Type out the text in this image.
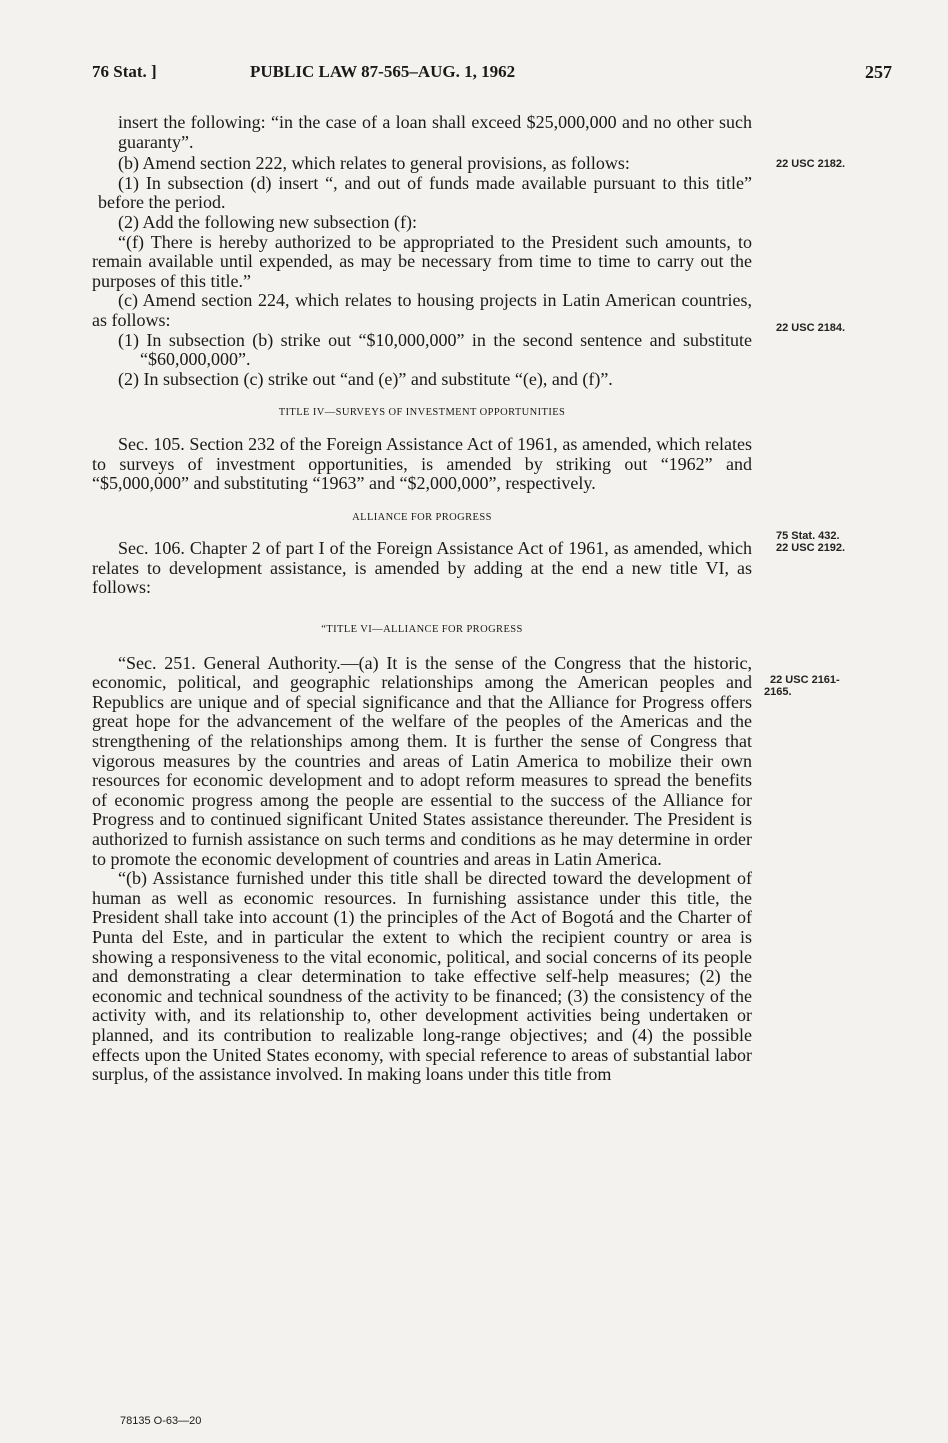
76 Stat. ]	PUBLIC LAW 87-565–AUG. 1, 1962	257

insert the following: “in the case of a loan shall exceed $25,000,000 and no other such guaranty”.

(b) Amend section 222, which relates to general provisions, as follows:

(1) In subsection (d) insert “, and out of funds made available pursuant to this title” before the period.

(2) Add the following new subsection (f):

“(f) There is hereby authorized to be appropriated to the President such amounts, to remain available until expended, as may be necessary from time to time to carry out the purposes of this title.”

(c) Amend section 224, which relates to housing projects in Latin American countries, as follows:

(1) In subsection (b) strike out “$10,000,000” in the second sentence and substitute “$60,000,000”.

(2) In subsection (c) strike out “and (e)” and substitute “(e), and (f)”.

TITLE IV—SURVEYS OF INVESTMENT OPPORTUNITIES

Sec. 105. Section 232 of the Foreign Assistance Act of 1961, as amended, which relates to surveys of investment opportunities, is amended by striking out “1962” and “$5,000,000” and substituting “1963” and “$2,000,000”, respectively.

ALLIANCE FOR PROGRESS

Sec. 106. Chapter 2 of part I of the Foreign Assistance Act of 1961, as amended, which relates to development assistance, is amended by adding at the end a new title VI, as follows:

“TITLE VI—ALLIANCE FOR PROGRESS

“Sec. 251. General Authority.—(a) It is the sense of the Congress that the historic, economic, political, and geographic relationships among the American peoples and Republics are unique and of special significance and that the Alliance for Progress offers great hope for the advancement of the welfare of the peoples of the Americas and the strengthening of the relationships among them. It is further the sense of Congress that vigorous measures by the countries and areas of Latin America to mobilize their own resources for economic development and to adopt reform measures to spread the benefits of economic progress among the people are essential to the success of the Alliance for Progress and to continued significant United States assistance thereunder. The President is authorized to furnish assistance on such terms and conditions as he may determine in order to promote the economic development of countries and areas in Latin America.

“(b) Assistance furnished under this title shall be directed toward the development of human as well as economic resources. In furnishing assistance under this title, the President shall take into account (1) the principles of the Act of Bogotá and the Charter of Punta del Este, and in particular the extent to which the recipient country or area is showing a responsiveness to the vital economic, political, and social concerns of its people and demonstrating a clear determination to take effective self-help measures; (2) the economic and technical soundness of the activity to be financed; (3) the consistency of the activity with, and its relationship to, other development activities being undertaken or planned, and its contribution to realizable long-range objectives; and (4) the possible effects upon the United States economy, with special reference to areas of substantial labor surplus, of the assistance involved. In making loans under this title from

22 USC 2182.
22 USC 2184.
75 Stat. 432.
22 USC 2192.
22 USC 2161-
2165.
78135 O-63—20
